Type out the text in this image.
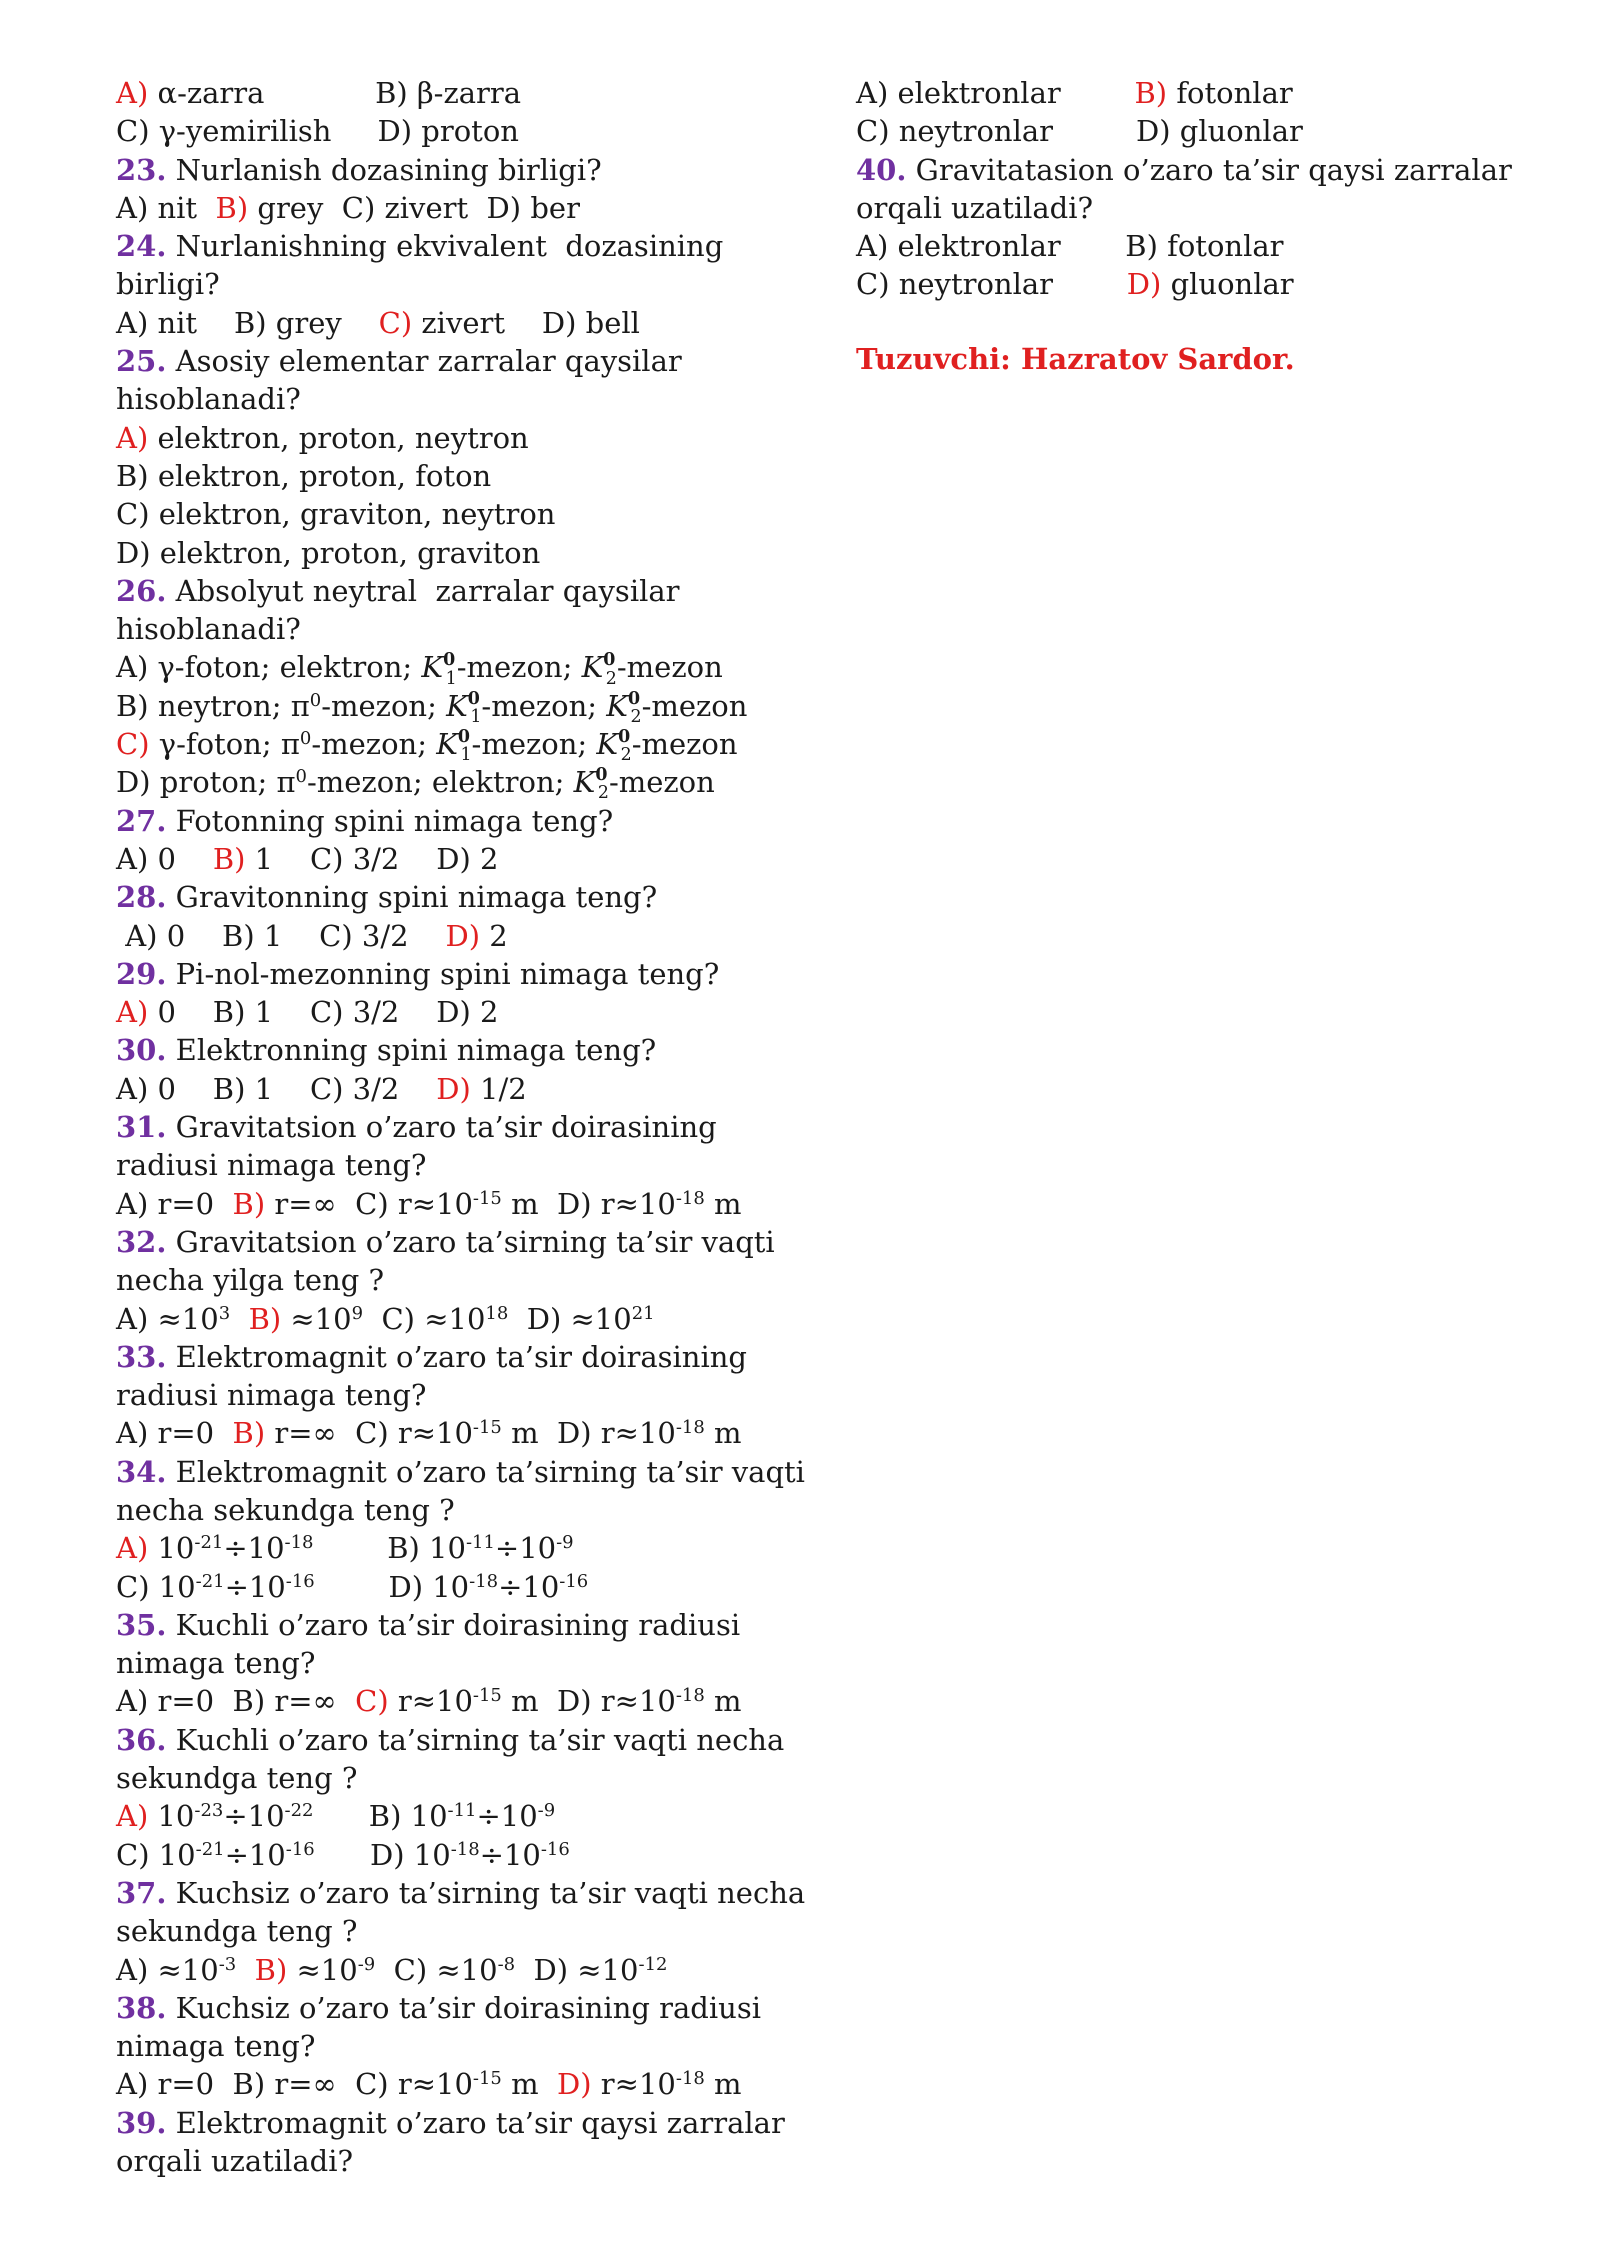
A) α-zarra            B) β-zarra
C) γ-yemirilish     D) proton
23. Nurlanish dozasining birligi?
A) nit  B) grey  C) zivert  D) ber
24. Nurlanishning ekvivalent  dozasining
birligi?
A) nit    B) grey    C) zivert    D) bell
25. Asosiy elementar zarralar qaysilar
hisoblanadi?
A) elektron, proton, neytron
B) elektron, proton, foton
C) elektron, graviton, neytron
D) elektron, proton, graviton
26. Absolyut neytral  zarralar qaysilar
hisoblanadi?
A) γ-foton; elektron; $K^0_1$-mezon; $K^0_2$-mezon
B) neytron; $\pi^0$-mezon; $K^0_1$-mezon; $K^0_2$-mezon
C) γ-foton; $\pi^0$-mezon; $K^0_1$-mezon; $K^0_2$-mezon
D) proton; $\pi^0$-mezon; elektron; $K^0_2$-mezon
27. Fotonning spini nimaga teng?
A) 0    B) 1    C) 3/2    D) 2
28. Gravitonning spini nimaga teng?
A) 0    B) 1    C) 3/2    D) 2
29. Pi-nol-mezonning spini nimaga teng?
A) 0    B) 1    C) 3/2    D) 2
30. Elektronning spini nimaga teng?
A) 0    B) 1    C) 3/2    D) 1/2
31. Gravitatsion o’zaro ta’sir doirasining
radiusi nimaga teng?
A) r=0  B) r=∞  C) $r\approx 10^{-15}$ m  D) $r\approx 10^{-18}$ m
32. Gravitatsion o’zaro ta’sirning ta’sir vaqti
necha yilga teng ?
$A) \approx 10^3$ $B) \approx 10^9$  $C) \approx 10^{18}$  $D) \approx 10^{21}$
33. Elektromagnit o’zaro ta’sir doirasining
radiusi nimaga teng?
A) r=0  B) r=∞  C) $r\approx 10^{-15}$ m  D) $r\approx 10^{-18}$ m
34. Elektromagnit o’zaro ta’sirning ta’sir vaqti
necha sekundga teng ?
A) $10^{-21}\div 10^{-18}$        B) $10^{-11}\div 10^{-9}$
C) $10^{-21}\div 10^{-16}$        D) $10^{-18}\div 10^{-16}$
35. Kuchli o’zaro ta’sir doirasining radiusi
nimaga teng?
A) r=0  B) r=∞  C) $r\approx 10^{-15}$ m  D) $r\approx 10^{-18}$ m
36. Kuchli o’zaro ta’sirning ta’sir vaqti necha
sekundga teng ?
A) $10^{-23}\div 10^{-22}$      B) $10^{-11}\div 10^{-9}$
C) $10^{-21}\div 10^{-16}$      D) $10^{-18}\div 10^{-16}$
37. Kuchsiz o’zaro ta’sirning ta’sir vaqti necha
sekundga teng ?
$A) \approx 10^{-3}$ $B) \approx 10^{-9}$  $C) \approx 10^{-8}$  $D) \approx 10^{-12}$
38. Kuchsiz o’zaro ta’sir doirasining radiusi
nimaga teng?
A) r=0  B) r=∞  C) $r\approx 10^{-15}$ m  D) $r\approx 10^{-18}$ m
39. Elektromagnit o’zaro ta’sir qaysi zarralar
orqali uzatiladi?
A) elektronlar        B) fotonlar
C) neytronlar         D) gluonlar
40. Gravitatasion o’zaro ta’sir qaysi zarralar
orqali uzatiladi?
A) elektronlar       B) fotonlar
C) neytronlar        D) gluonlar
Tuzuvchi: Hazratov Sardor.
